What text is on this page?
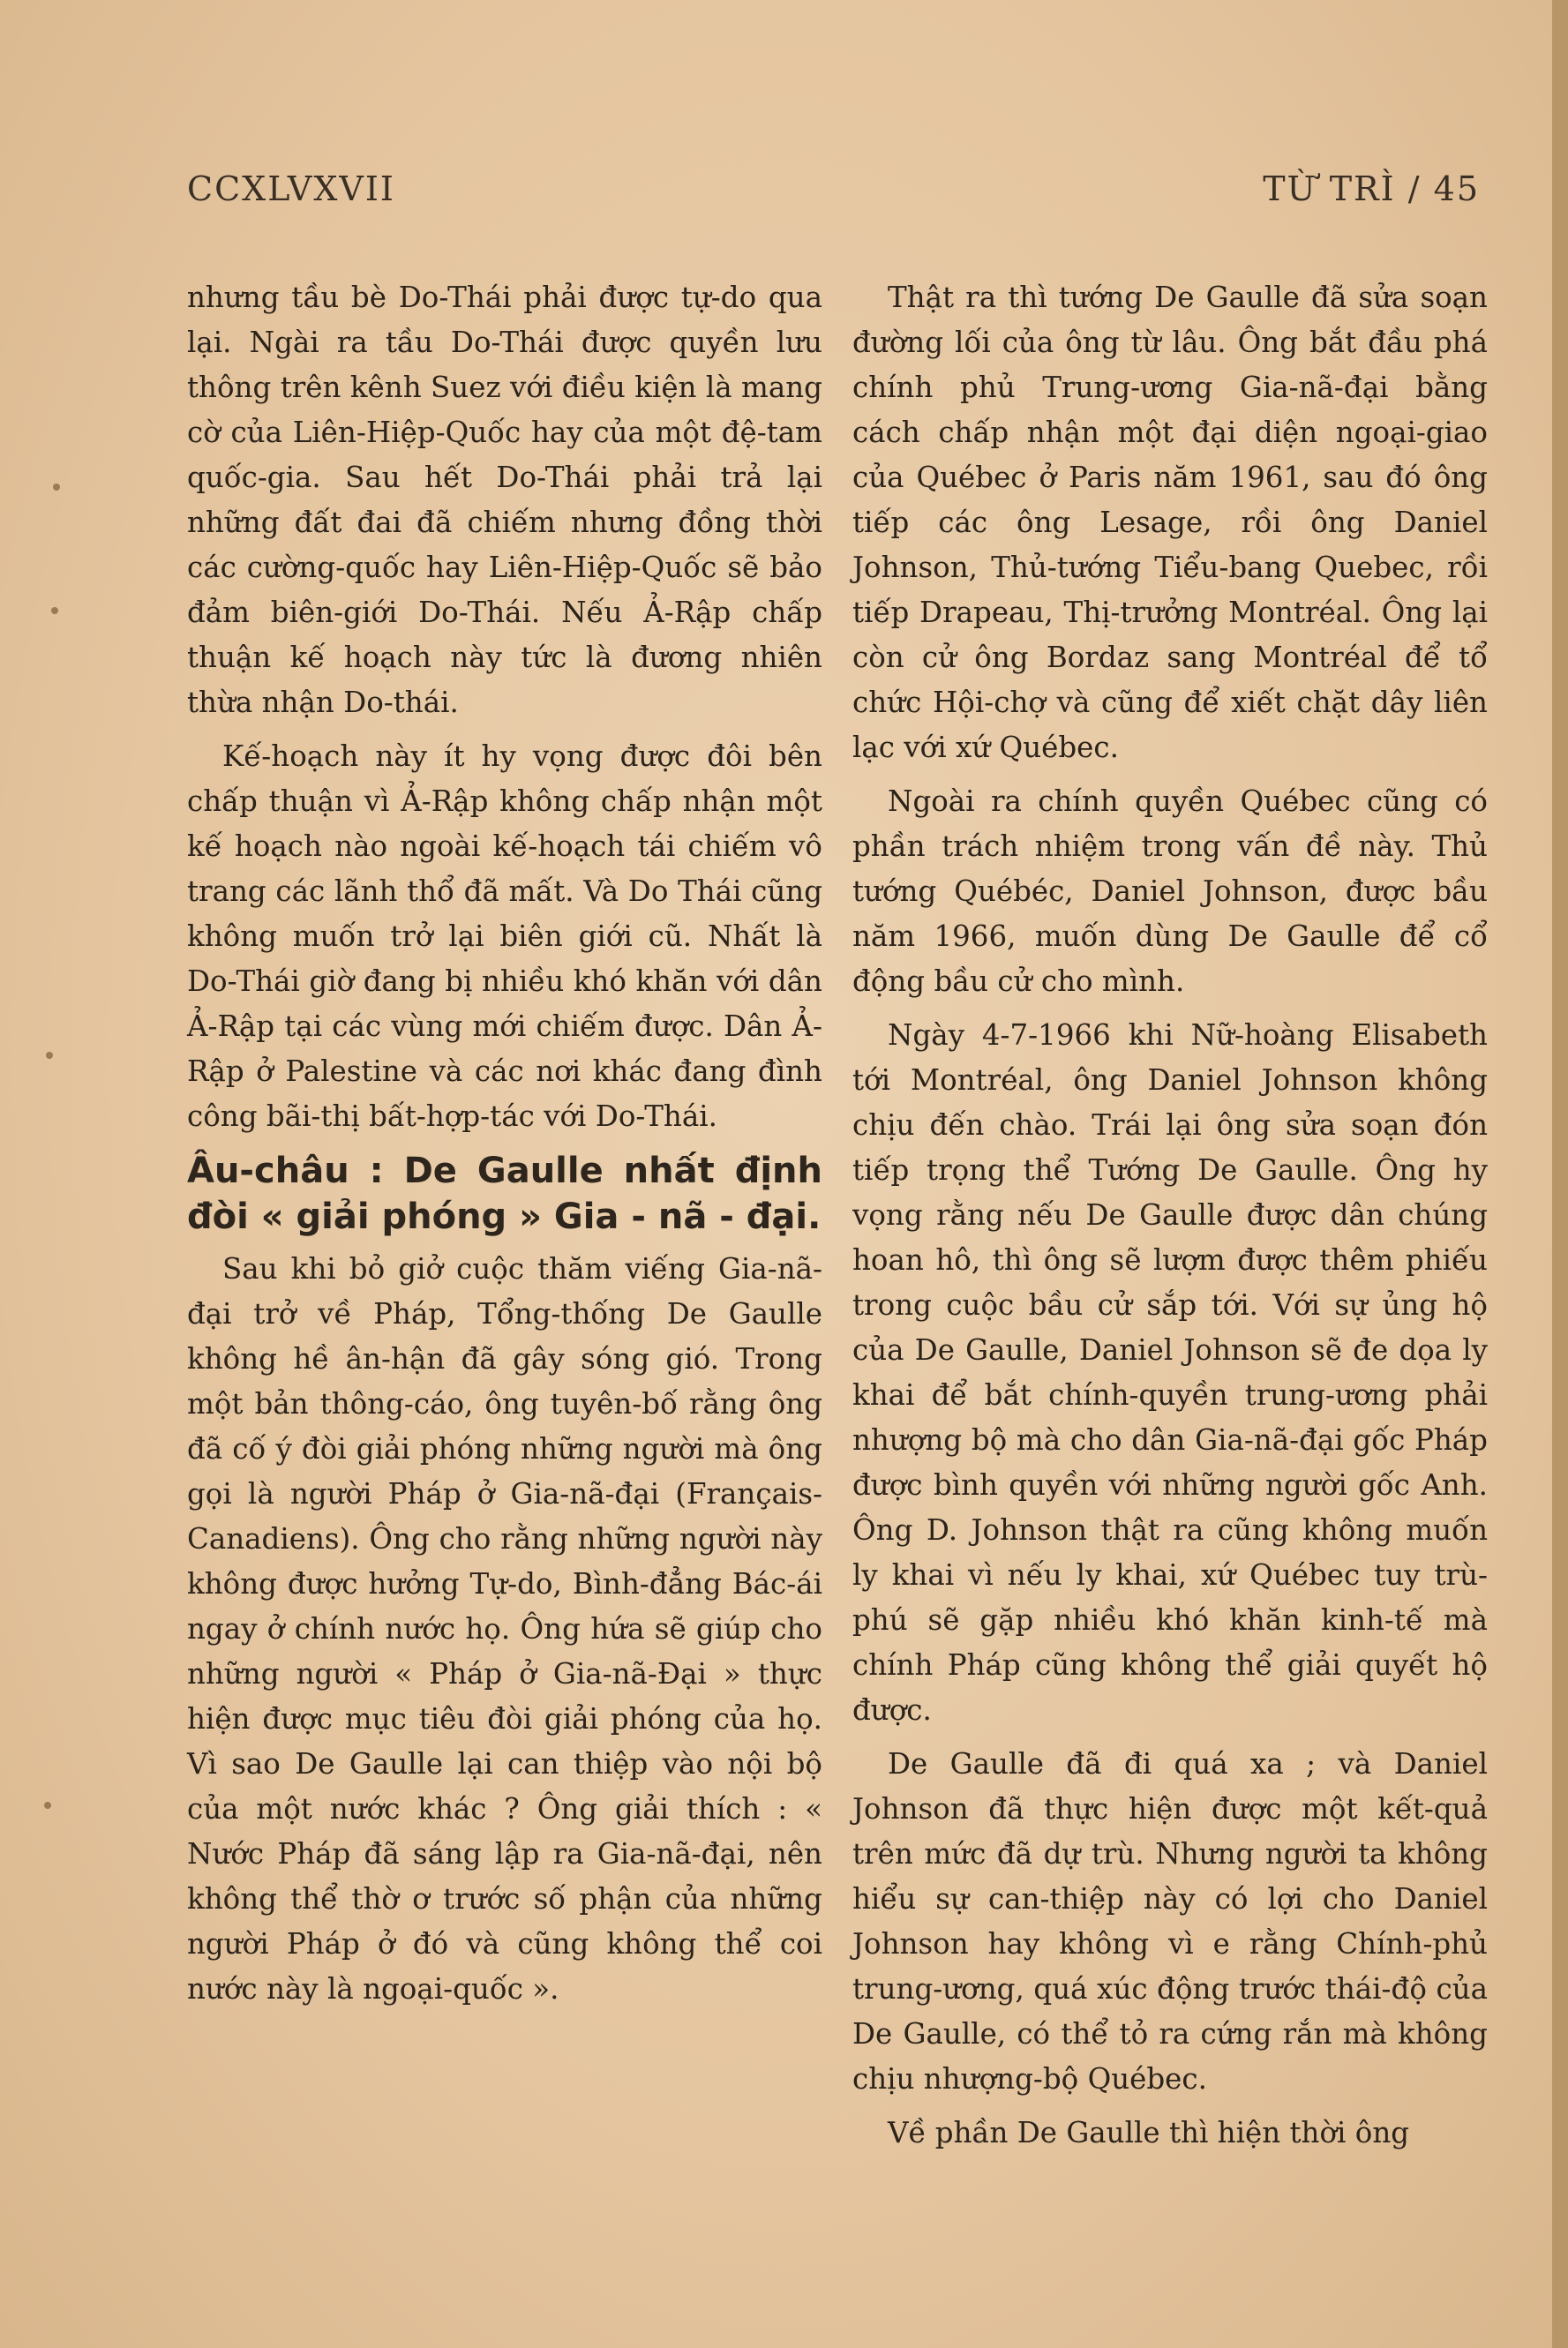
CCXLVXVII	TỪ TRÌ / 45

nhưng tầu bè Do-Thái phải được tự-do qua lại. Ngài ra tầu Do-Thái được quyền lưu thông trên kênh Suez với điều kiện là mang cờ của Liên-Hiệp-Quốc hay của một đệ-tam quốc-gia. Sau hết Do-Thái phải trả lại những đất đai đã chiếm nhưng đồng thời các cường-quốc hay Liên-Hiệp-Quốc sẽ bảo đảm biên-giới Do-Thái. Nếu Ả-Rập chấp thuận kế hoạch này tức là đương nhiên thừa nhận Do-thái.

Kế-hoạch này ít hy vọng được đôi bên chấp thuận vì Ả-Rập không chấp nhận một kế hoạch nào ngoài kế-hoạch tái chiếm vô trang các lãnh thổ đã mất. Và Do Thái cũng không muốn trở lại biên giới cũ. Nhất là Do-Thái giờ đang bị nhiều khó khăn với dân Ả-Rập tại các vùng mới chiếm được. Dân Ả-Rập ở Palestine và các nơi khác đang đình công bãi-thị bất-hợp-tác với Do-Thái.

Âu-châu : De Gaulle nhất định đòi « giải phóng » Gia - nã - đại.

Sau khi bỏ giở cuộc thăm viếng Gia-nã-đại trở về Pháp, Tổng-thống De Gaulle không hề ân-hận đã gây sóng gió. Trong một bản thông-cáo, ông tuyên-bố rằng ông đã cố ý đòi giải phóng những người mà ông gọi là người Pháp ở Gia-nã-đại (Français-Canadiens). Ông cho rằng những người này không được hưởng Tự-do, Bình-đẳng Bác-ái ngay ở chính nước họ. Ông hứa sẽ giúp cho những người « Pháp ở Gia-nã-Đại » thực hiện được mục tiêu đòi giải phóng của họ. Vì sao De Gaulle lại can thiệp vào nội bộ của một nước khác ? Ông giải thích : « Nước Pháp đã sáng lập ra Gia-nã-đại, nên không thể thờ ơ trước số phận của những người Pháp ở đó và cũng không thể coi nước này là ngoại-quốc ».

Thật ra thì tướng De Gaulle đã sửa soạn đường lối của ông từ lâu. Ông bắt đầu phá chính phủ Trung-ương Gia-nã-đại bằng cách chấp nhận một đại diện ngoại-giao của Québec ở Paris năm 1961, sau đó ông tiếp các ông Lesage, rồi ông Daniel Johnson, Thủ-tướng Tiểu-bang Quebec, rồi tiếp Drapeau, Thị-trưởng Montréal. Ông lại còn cử ông Bordaz sang Montréal để tổ chức Hội-chợ và cũng để xiết chặt dây liên lạc với xứ Québec.

Ngoài ra chính quyền Québec cũng có phần trách nhiệm trong vấn đề này. Thủ tướng Québéc, Daniel Johnson, được bầu năm 1966, muốn dùng De Gaulle để cổ động bầu cử cho mình.

Ngày 4-7-1966 khi Nữ-hoàng Elisabeth tới Montréal, ông Daniel Johnson không chịu đến chào. Trái lại ông sửa soạn đón tiếp trọng thể Tướng De Gaulle. Ông hy vọng rằng nếu De Gaulle được dân chúng hoan hô, thì ông sẽ lượm được thêm phiếu trong cuộc bầu cử sắp tới. Với sự ủng hộ của De Gaulle, Daniel Johnson sẽ đe dọa ly khai để bắt chính-quyền trung-ương phải nhượng bộ mà cho dân Gia-nã-đại gốc Pháp được bình quyền với những người gốc Anh. Ông D. Johnson thật ra cũng không muốn ly khai vì nếu ly khai, xứ Québec tuy trù-phú sẽ gặp nhiều khó khăn kinh-tế mà chính Pháp cũng không thể giải quyết hộ được.

De Gaulle đã đi quá xa ; và Daniel Johnson đã thực hiện được một kết-quả trên mức đã dự trù. Nhưng người ta không hiểu sự can-thiệp này có lợi cho Daniel Johnson hay không vì e rằng Chính-phủ trung-ương, quá xúc động trước thái-độ của De Gaulle, có thể tỏ ra cứng rắn mà không chịu nhượng-bộ Québec.

Về phần De Gaulle thì hiện thời ông
